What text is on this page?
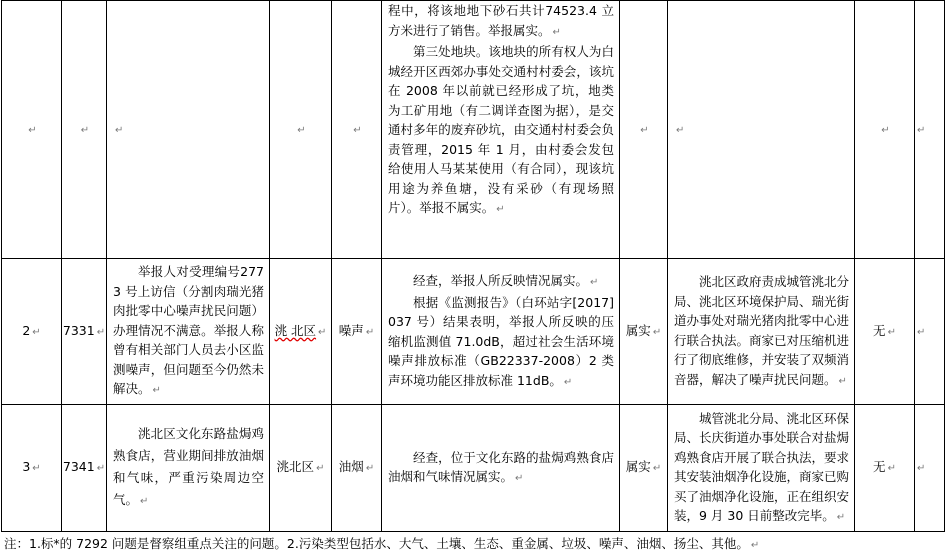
↵	↵	↵	↵	↵	程中，将该地地下砂石共计74523.4 立方米进行了销售。举报属实。 ↵
第三处地块。该地块的所有权人为白城经开区西郊办事处交通村村委会，该坑在 2008 年以前就已经形成了坑，地类为工矿用地（有二调详查图为据），是交通村多年的废弃砂坑，由交通村村委会负责管理，2015 年 1 月，由村委会发包给使用人马某某使用（有合同），现该坑用途为养鱼塘，没有采砂（有现场照片）。举报不属实。 ↵	↵	↵	↵	↵
2 ↵	7331 ↵	举报人对受理编号2773 号上访信（分割肉瑞光猪肉批零中心噪声扰民问题）办理情况不满意。举报人称曾有相关部门人员去小区监测噪声，但问题至今仍然未解决。 ↵	洮 北区 ↵	噪声 ↵	经查，举报人所反映情况属实。 ↵
根据《监测报告》（白环站字[2017]037 号）结果表明，举报人所反映的压缩机监测值 71.0dB，超过社会生活环境噪声排放标准（GB22337-2008）2 类声环境功能区排放标准 11dB。 ↵	属实 ↵	洮北区政府责成城管洮北分局、洮北区环境保护局、瑞光街道办事处对瑞光猪肉批零中心进行联合执法。商家已对压缩机进行了彻底维修，并安装了双频消音器，解决了噪声扰民问题。 ↵	无 ↵	↵
3 ↵	7341 ↵	洮北区文化东路盐焗鸡熟食店，营业期间排放油烟和气味，严重污染周边空气。 ↵	洮北区 ↵	油烟 ↵	经查，位于文化东路的盐焗鸡熟食店油烟和气味情况属实。 ↵	属实 ↵	城管洮北分局、洮北区环保局、长庆街道办事处联合对盐焗鸡熟食店开展了联合执法，要求其安装油烟净化设施，商家已购买了油烟净化设施，正在组织安装，9 月 30 日前整改完毕。 ↵	无 ↵	↵
注：1.标*的 7292 问题是督察组重点关注的问题。2.污染类型包括水、大气、土壤、生态、重金属、垃圾、噪声、油烟、扬尘、其他。 ↵
